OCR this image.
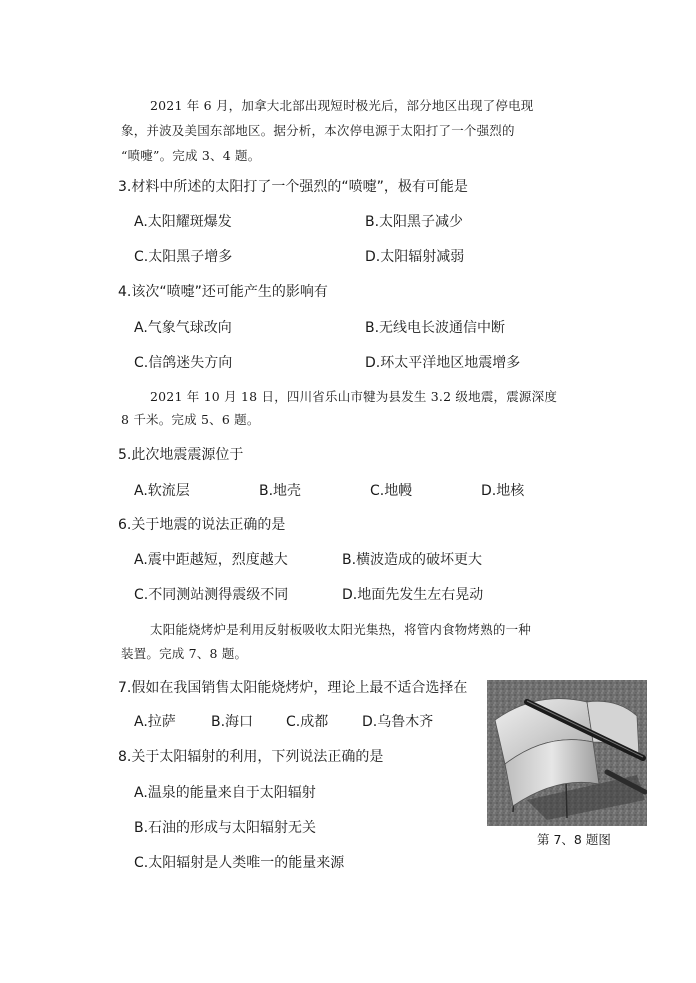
2021 年 6 月，加拿大北部出现短时极光后，部分地区出现了停电现
象，并波及美国东部地区。据分析，本次停电源于太阳打了一个强烈的
“喷嚏”。完成 3、4 题。
3.材料中所述的太阳打了一个强烈的“喷嚏”，极有可能是
A.太阳耀斑爆发	B.太阳黑子减少
C.太阳黑子增多	D.太阳辐射减弱
4.该次“喷嚏”还可能产生的影响有
A.气象气球改向	B.无线电长波通信中断
C.信鸽迷失方向	D.环太平洋地区地震增多
2021 年 10 月 18 日，四川省乐山市犍为县发生 3.2 级地震，震源深度
8 千米。完成 5、6 题。
5.此次地震震源位于
A.软流层	B.地壳	C.地幔	D.地核
6.关于地震的说法正确的是
A.震中距越短，烈度越大	B.横波造成的破坏更大
C.不同测站测得震级不同	D.地面先发生左右晃动
太阳能烧烤炉是利用反射板吸收太阳光集热，将管内食物烤熟的一种
装置。完成 7、8 题。
7.假如在我国销售太阳能烧烤炉，理论上最不适合选择在
A.拉萨	B.海口 C.成都 D.乌鲁木齐
8.关于太阳辐射的利用，下列说法正确的是
A.温泉的能量来自于太阳辐射
B.石油的形成与太阳辐射无关
C.太阳辐射是人类唯一的能量来源
第 7、8 题图
